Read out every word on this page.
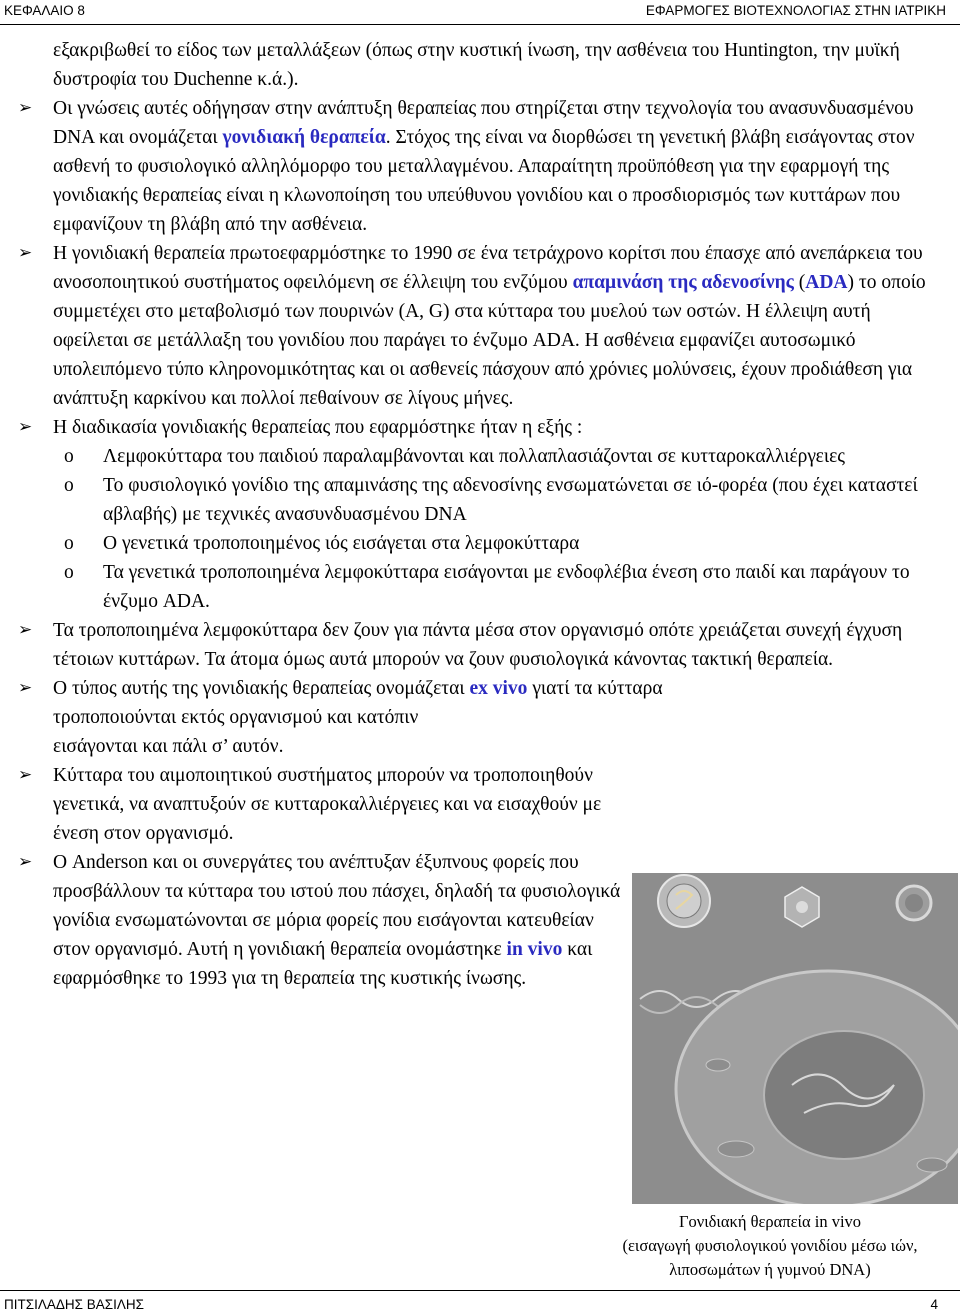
ΚΕΦΑΛΑΙΟ 8	ΕΦΑΡΜΟΓΕΣ ΒΙΟΤΕΧΝΟΛΟΓΙΑΣ ΣΤΗΝ ΙΑΤΡΙΚΗ

εξακριβωθεί το είδος των μεταλλάξεων (όπως στην κυστική ίνωση, την ασθένεια του Huntington, την μυϊκή δυστροφία του Duchenne κ.ά.).

➢ Οι γνώσεις αυτές οδήγησαν στην ανάπτυξη θεραπείας που στηρίζεται στην τεχνολογία του ανασυνδυασμένου DNA και ονομάζεται γονιδιακή θεραπεία. Στόχος της είναι να διορθώσει τη γενετική βλάβη εισάγοντας στον ασθενή το φυσιολογικό αλληλόμορφο του μεταλλαγμένου. Απαραίτητη προϋπόθεση για την εφαρμογή της γονιδιακής θεραπείας είναι η κλωνοποίηση του υπεύθυνου γονιδίου και ο προσδιορισμός των κυττάρων που εμφανίζουν τη βλάβη από την ασθένεια.

➢ Η γονιδιακή θεραπεία πρωτοεφαρμόστηκε το 1990 σε ένα τετράχρονο κορίτσι που έπασχε από ανεπάρκεια του ανοσοποιητικού συστήματος οφειλόμενη σε έλλειψη του ενζύμου απαμινάση της αδενοσίνης (ADA) το οποίο συμμετέχει στο μεταβολισμό των πουρινών (A, G) στα κύτταρα του μυελού των οστών. Η έλλειψη αυτή οφείλεται σε μετάλλαξη του γονιδίου που παράγει το ένζυμο ADA. Η ασθένεια εμφανίζει αυτοσωμικό υπολειπόμενο τύπο κληρονομικότητας και οι ασθενείς πάσχουν από χρόνιες μολύνσεις, έχουν προδιάθεση για ανάπτυξη καρκίνου και πολλοί πεθαίνουν σε λίγους μήνες.

➢ Η διαδικασία γονιδιακής θεραπείας που εφαρμόστηκε ήταν η εξής :

o Λεμφοκύτταρα του παιδιού παραλαμβάνονται και πολλαπλασιάζονται σε κυτταροκαλλιέργειες

o Το φυσιολογικό γονίδιο της απαμινάσης της αδενοσίνης ενσωματώνεται σε ιό-φορέα (που έχει καταστεί αβλαβής) με τεχνικές ανασυνδυασμένου DNA

o Ο γενετικά τροποποιημένος ιός εισάγεται στα λεμφοκύτταρα

o Τα γενετικά τροποποιημένα λεμφοκύτταρα εισάγονται με ενδοφλέβια ένεση στο παιδί και παράγουν το ένζυμο ADA.

➢ Τα τροποποιημένα λεμφοκύτταρα δεν ζουν για πάντα μέσα στον οργανισμό οπότε χρειάζεται συνεχή έγχυση τέτοιων κυττάρων. Τα άτομα όμως αυτά μπορούν να ζουν φυσιολογικά κάνοντας τακτική θεραπεία.

➢ Ο τύπος αυτής της γονιδιακής θεραπείας ονομάζεται ex vivo γιατί τα κύτταρα
τροποποιούνται εκτός οργανισμού και κατόπιν
εισάγονται και πάλι σ’ αυτόν.

➢ Κύτταρα του αιμοποιητικού συστήματος μπορούν να τροποποιηθούν γενετικά, να αναπτυξούν σε κυτταροκαλλιέργειες και να εισαχθούν με ένεση στον οργανισμό.

➢ Ο Anderson και οι συνεργάτες του ανέπτυξαν έξυπνους φορείς που προσβάλλουν τα κύτταρα του ιστού που πάσχει, δηλαδή τα φυσιολογικά γονίδια ενσωματώνονται σε μόρια φορείς που εισάγονται κατευθείαν στον οργανισμό. Αυτή η γονιδιακή θεραπεία ονομάστηκε in vivo και εφαρμόσθηκε το 1993 για τη θεραπεία της κυστικής ίνωσης.

Γονιδιακή θεραπεία in vivo
(εισαγωγή φυσιολογικού γονιδίου μέσω ιών,
λιποσωμάτων ή γυμνού DNA)
ΠΙΤΣΙΛΑΔΗΣ ΒΑΣΙΛΗΣ	4
